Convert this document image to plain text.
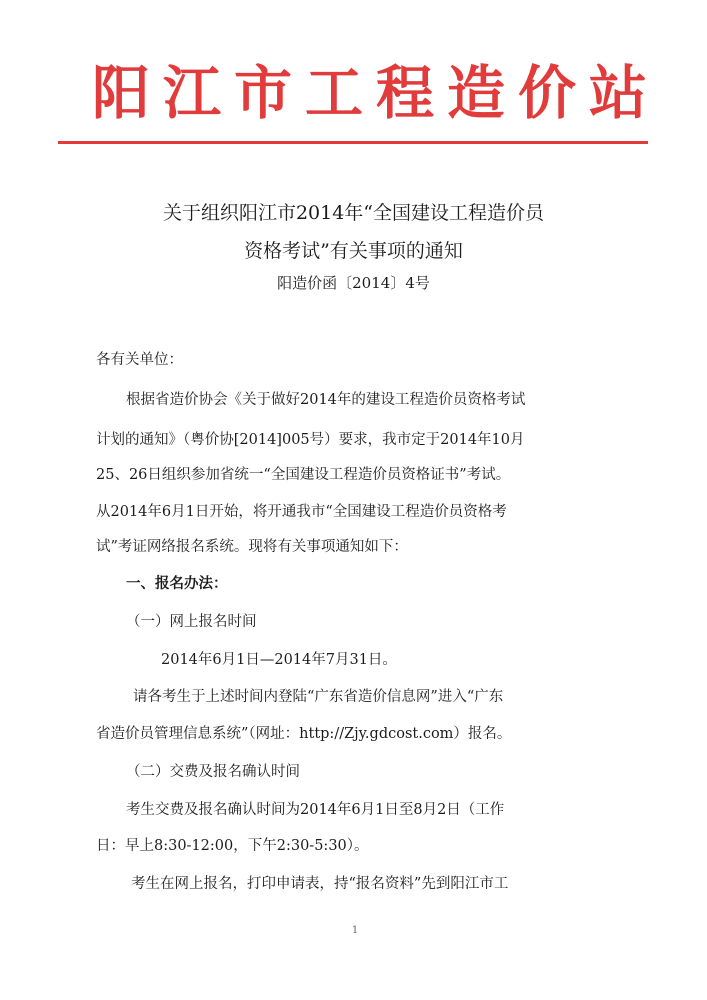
阳江市工程造价站
关于组织阳江市2014年“全国建设工程造价员
资格考试”有关事项的通知
阳造价函〔2014〕4号
各有关单位：
根据省造价协会《关于做好2014年的建设工程造价员资格考试
计划的通知》（粤价协[2014]005号）要求，我市定于2014年10月
25、26日组织参加省统一“全国建设工程造价员资格证书”考试。
从2014年6月1日开始，将开通我市“全国建设工程造价员资格考
试”考证网络报名系统。现将有关事项通知如下：
一、报名办法：
（一）网上报名时间
2014年6月1日—2014年7月31日。
请各考生于上述时间内登陆“广东省造价信息网”进入“广东
省造价员管理信息系统”（网址：http://Zjy.gdcost.com）报名。
（二）交费及报名确认时间
考生交费及报名确认时间为2014年6月1日至8月2日（工作
日：早上8:30-12:00，下午2:30-5:30）。
考生在网上报名，打印申请表，持“报名资料”先到阳江市工
1
